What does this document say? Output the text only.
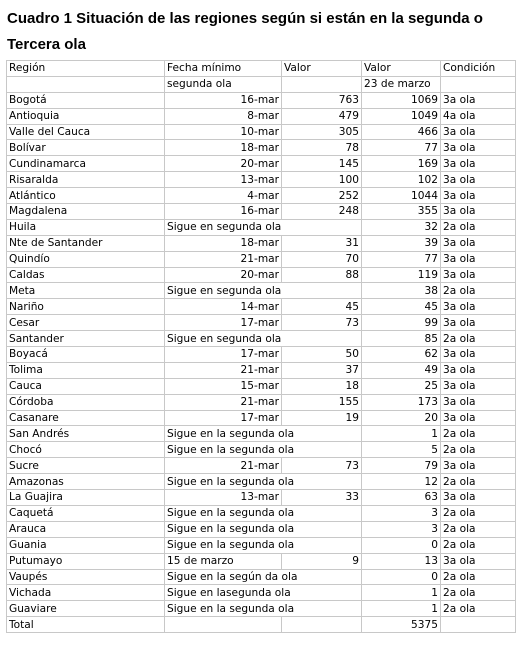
Cuadro 1 Situación de las regiones según si están en la segunda o
Tercera ola
Región	Fecha mínimo	Valor	Valor	Condición
	segunda ola		23 de marzo	
Bogotá	16-mar	763	1069	3a ola
Antioquia	8-mar	479	1049	4a ola
Valle del Cauca	10-mar	305	466	3a ola
Bolívar	18-mar	78	77	3a ola
Cundinamarca	20-mar	145	169	3a ola
Risaralda	13-mar	100	102	3a ola
Atlántico	4-mar	252	1044	3a ola
Magdalena	16-mar	248	355	3a ola
Huila	Sigue en segunda ola		32	2a ola
Nte de Santander	18-mar	31	39	3a ola
Quindío	21-mar	70	77	3a ola
Caldas	20-mar	88	119	3a ola
Meta	Sigue en segunda ola		38	2a ola
Nariño	14-mar	45	45	3a ola
Cesar	17-mar	73	99	3a ola
Santander	Sigue en segunda ola		85	2a ola
Boyacá	17-mar	50	62	3a ola
Tolima	21-mar	37	49	3a ola
Cauca	15-mar	18	25	3a ola
Córdoba	21-mar	155	173	3a ola
Casanare	17-mar	19	20	3a ola
San Andrés	Sigue en la segunda ola		1	2a ola
Chocó	Sigue en la segunda ola		5	2a ola
Sucre	21-mar	73	79	3a ola
Amazonas	Sigue en la segunda ola		12	2a ola
La Guajira	13-mar	33	63	3a ola
Caquetá	Sigue en la segunda ola		3	2a ola
Arauca	Sigue en la segunda ola		3	2a ola
Guania	Sigue en la segunda ola		0	2a ola
Putumayo	15 de marzo	9	13	3a ola
Vaupés	Sigue en la según da ola		0	2a ola
Vichada	Sigue en lasegunda ola		1	2a ola
Guaviare	Sigue en la segunda ola		1	2a ola
Total			5375	
